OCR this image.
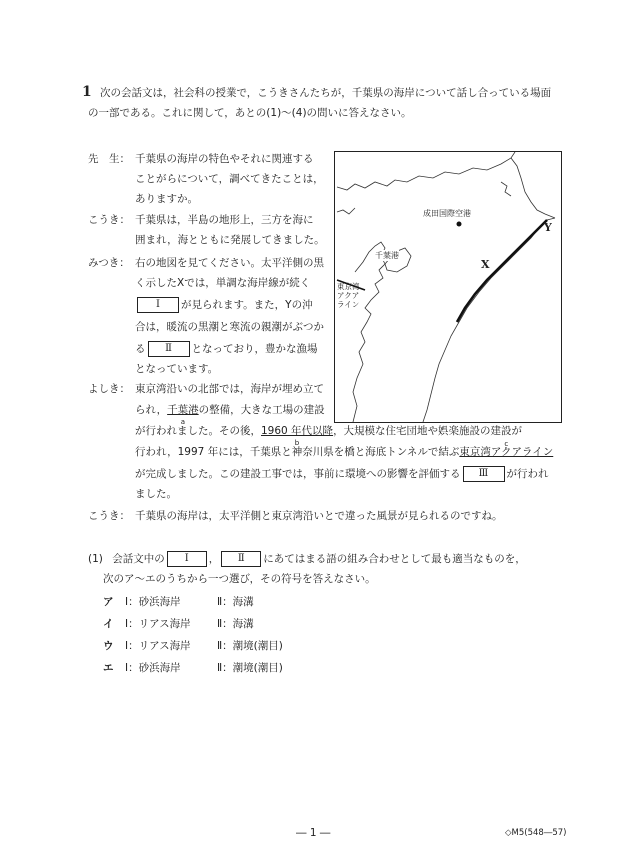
1 次の会話文は，社会科の授業で，こうきさんたちが，千葉県の海岸について話し合っている場面
の一部である。これに関して，あとの(1)～(4)の問いに答えなさい。
先　生： 千葉県の海岸の特色やそれに関連する
ことがらについて，調べてきたことは，
ありますか。
こうき： 千葉県は，半島の地形上，三方を海に
囲まれ，海とともに発展してきました。
みつき： 右の地図を見てください。太平洋側の黒
く示したXでは，単調な海岸線が続く
Ⅰ が見られます。また，Yの沖
合は，暖流の黒潮と寒流の親潮がぶつか
る Ⅱ となっており，豊かな漁場
となっています。
よしき： 東京湾沿いの北部では，海岸が埋め立て
られ，千葉港
a
の整備，大きな工場の建設
が行われました。その後，1960 年代以降
b
，大規模な住宅団地や娯楽施設の建設が
行われ，1997 年には，千葉県と神奈川県を橋と海底トンネルで結ぶ東京湾アクアライン
c
が完成しました。この建設工事では，事前に環境への影響を評価する Ⅲ が行われ
ました。
こうき： 千葉県の海岸は，太平洋側と東京湾沿いとで違った風景が見られるのですね。
成田国際空港
千葉港
東京湾
アクア
ライン
X
Y
(1) 会話文中の Ⅰ ， Ⅱ にあてはまる語の組み合わせとして最も適当なものを，
次のア～エのうちから一つ選び，その符号を答えなさい。
ア Ⅰ：砂浜海岸	Ⅱ：海溝
イ Ⅰ：リアス海岸	Ⅱ：海溝
ウ Ⅰ：リアス海岸	Ⅱ：潮境(潮目)
エ Ⅰ：砂浜海岸	Ⅱ：潮境(潮目)
― 1 ―	◇M5(548―57)
